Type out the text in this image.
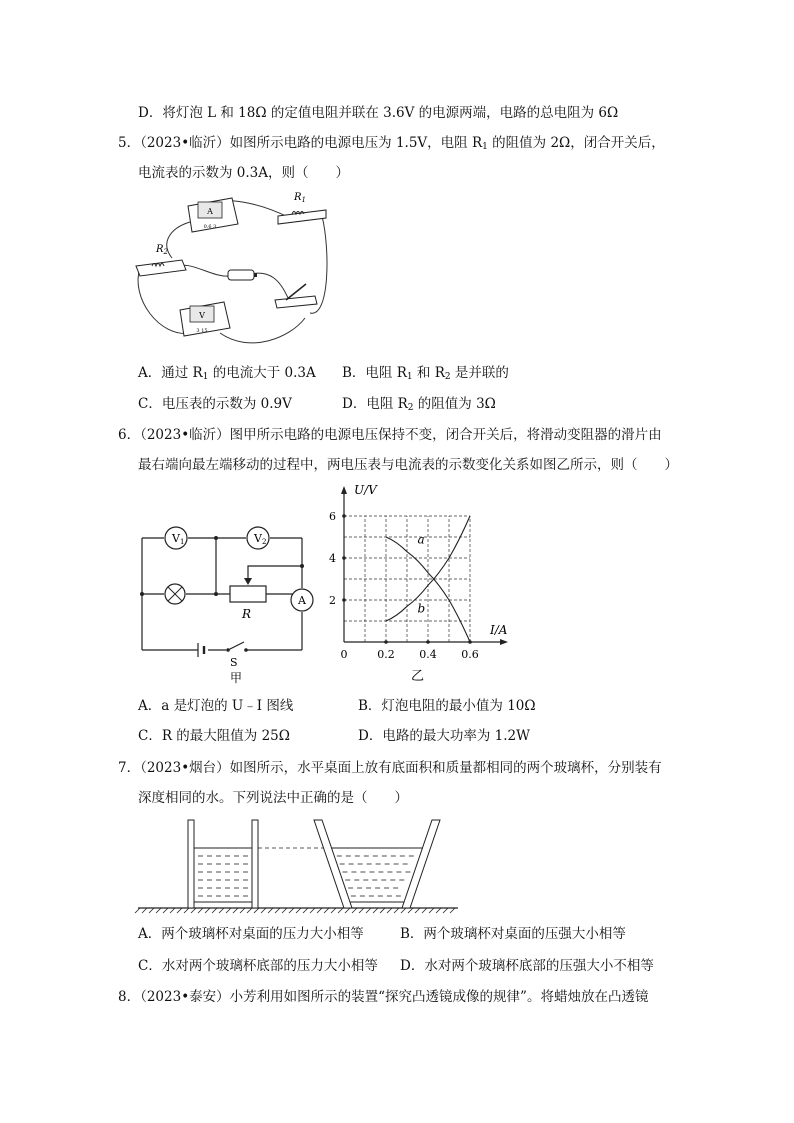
D．将灯泡 L 和 18Ω 的定值电阻并联在 3.6V 的电源两端，电路的总电阻为 6Ω
5．（2023•临沂）如图所示电路的电源电压为 1.5V，电阻 $R_1$ 的阻值为 2Ω，闭合开关后，
电流表的示数为 0.3A，则（　　）
A
0.6 3
$R_1$
$R_2$
V
3 15
A．通过 $R_1$ 的电流大于 0.3A B．电阻 $R_1$ 和 $R_2$ 是并联的
C．电压表的示数为 0.9V	D．电阻 $R_2$ 的阻值为 3Ω
6．（2023•临沂）图甲所示电路的电源电压保持不变，闭合开关后，将滑动变阻器的滑片由
最右端向最左端移动的过程中，两电压表与电流表的示数变化关系如图乙所示，则（　　）
S
甲
V1	V2
R
A
U/V
I/A
0	0.2 0.4 0.6
2
4
6
a
b
乙
A．a 是灯泡的 U﹣I 图线	B．灯泡电阻的最小值为 10Ω
C．R 的最大阻值为 25Ω	D．电路的最大功率为 1.2W
7．（2023•烟台）如图所示，水平桌面上放有底面积和质量都相同的两个玻璃杯，分别装有
深度相同的水。下列说法中正确的是（　　）
A．两个玻璃杯对桌面的压力大小相等	B．两个玻璃杯对桌面的压强大小相等
C．水对两个玻璃杯底部的压力大小相等 D．水对两个玻璃杯底部的压强大小不相等
8．（2023•泰安）小芳利用如图所示的装置“探究凸透镜成像的规律”。将蜡烛放在凸透镜
